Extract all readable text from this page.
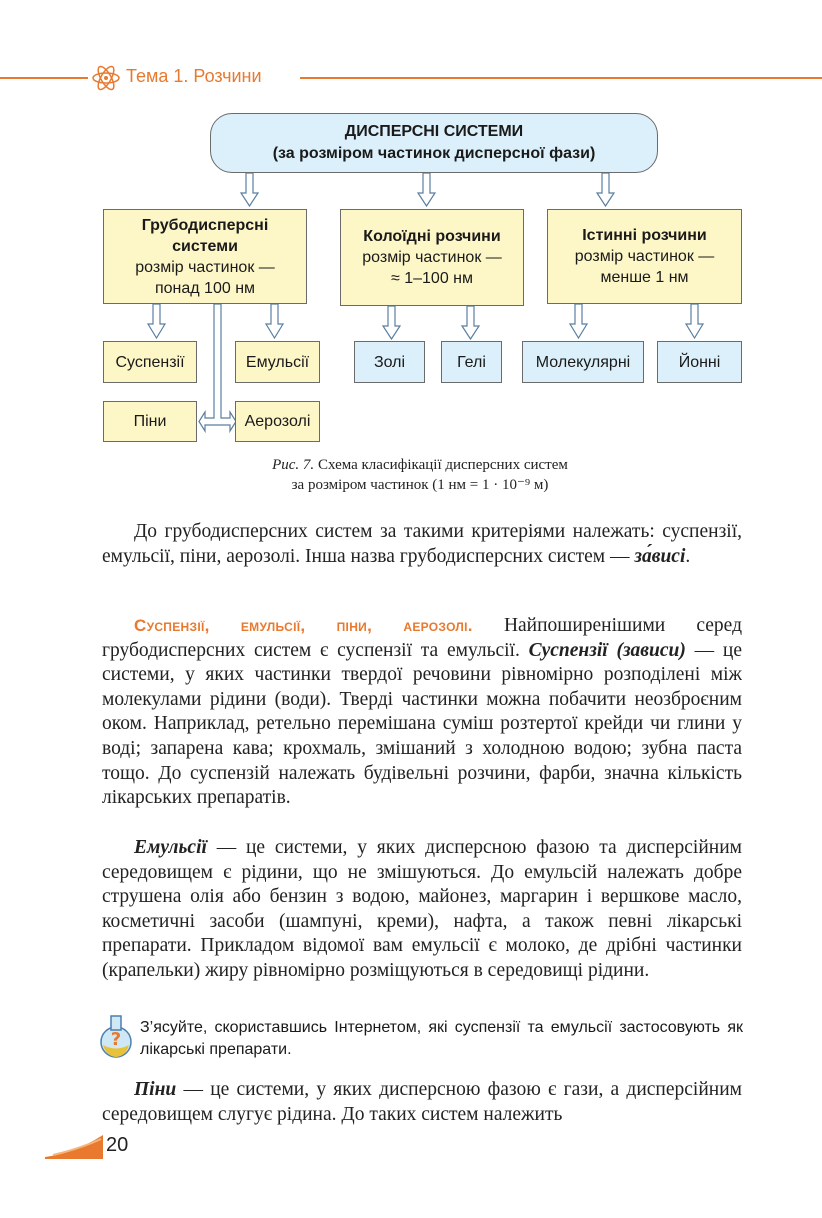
Тема 1. Розчини
ДИСПЕРСНІ СИСТЕМИ
(за розміром частинок дисперсної фази)
Грубодисперсні
системи
розмір частинок —
понад 100 нм
Колоїдні розчини
розмір частинок —
≈ 1–100 нм
Істинні розчини
розмір частинок —
менше 1 нм
Суспензії	Емульсії
Піни	Аерозолі
Золі	Гелі	Молекулярні	Йонні
Рис. 7. Схема класифікації дисперсних систем
за розміром частинок (1 нм = 1 · 10⁻⁹ м)
До грубодисперсних систем за такими критеріями належать: суспензії, емульсії, піни, аерозолі. Інша назва грубодисперсних систем — за́висі.
Суспензії, емульсії, піни, аерозолі. Найпоширенішими серед грубодисперсних систем є суспензії та емульсії. Суспензії (зависи) — це системи, у яких частинки твердої речовини рівномірно розподілені між молекулами рідини (води). Тверді частинки можна побачити неозброєним оком. Наприклад, ретельно перемішана суміш розтертої крейди чи глини у воді; запарена кава; крохмаль, змішаний з холодною водою; зубна паста тощо. До суспензій належать будівельні розчини, фарби, значна кількість лікарських препаратів.
Емульсії — це системи, у яких дисперсною фазою та дисперсійним середовищем є рідини, що не змішуються. До емульсій належать добре струшена олія або бензин з водою, майонез, маргарин і вершкове масло, косметичні засоби (шампуні, креми), нафта, а також певні лікарські препарати. Прикладом відомої вам емульсії є молоко, де дрібні частинки (крапельки) жиру рівномірно розміщуються в середовищі рідини.
?
З’ясуйте, скориставшись Інтернетом, які суспензії та емульсії застосовують як лікарські препарати.
Піни — це системи, у яких дисперсною фазою є гази, а дисперсійним середовищем слугує рідина. До таких систем належить
20
